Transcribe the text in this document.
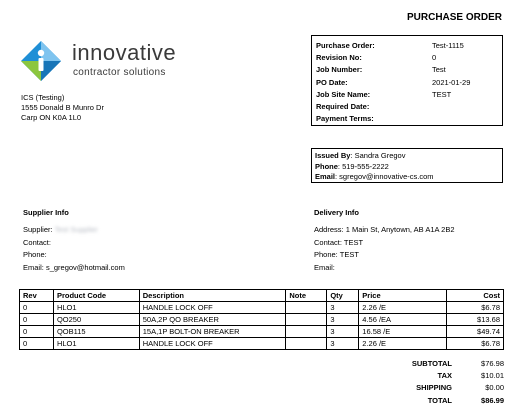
PURCHASE ORDER
innovative
contractor solutions
ICS (Testing)
1555 Donald B Munro Dr
Carp ON K0A 1L0
Purchase Order:	Test-1115
Revision No:	0
Job Number:	Test
PO Date:	2021-01-29
Job Site Name:	TEST
Required Date:
Payment Terms:
Issued By: Sandra Gregov
Phone: 519-555-2222
Email: sgregov@innovative-cs.com
Supplier Info
Supplier: Test Supplier
Contact:
Phone:
Email: s_gregov@hotmail.com
Delivery Info
Address: 1 Main St, Anytown, AB A1A 2B2
Contact: TEST
Phone: TEST
Email:
Rev	Product Code	Description	Note	Qty	Price	Cost
0	HLO1	HANDLE LOCK OFF		3	2.26 /E	$6.78
0	QO250	50A,2P QO BREAKER		3	4.56 /EA	$13.68
0	QOB115	15A,1P BOLT-ON BREAKER		3	16.58 /E	$49.74
0	HLO1	HANDLE LOCK OFF		3	2.26 /E	$6.78
SUBTOTAL	$76.98
TAX	$10.01
SHIPPING	$0.00
TOTAL	$86.99
